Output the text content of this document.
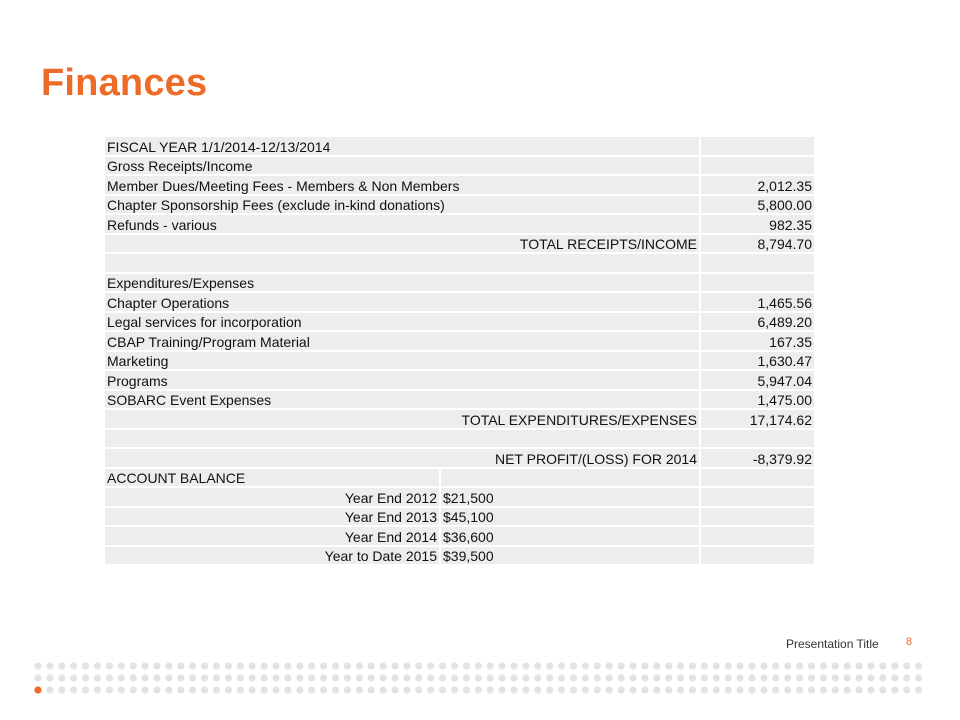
Finances
FISCAL YEAR 1/1/2014-12/13/2014		
Gross Receipts/Income		
Member Dues/Meeting Fees - Members & Non Members		2,012.35
Chapter Sponsorship Fees (exclude in-kind donations)		5,800.00
Refunds - various		982.35
TOTAL RECEIPTS/INCOME		8,794.70

Expenditures/Expenses		
Chapter Operations		1,465.56
Legal services for incorporation		6,489.20
CBAP Training/Program Material		167.35
Marketing		1,630.47
Programs		5,947.04
SOBARC Event Expenses		1,475.00
TOTAL EXPENDITURES/EXPENSES		17,174.62

NET PROFIT/(LOSS) FOR 2014		-8,379.92
ACCOUNT BALANCE		
Year End 2012	$21,500	
Year End 2013	$45,100	
Year End 2014	$36,600	
Year to Date 2015	$39,500	
Presentation Title 8
